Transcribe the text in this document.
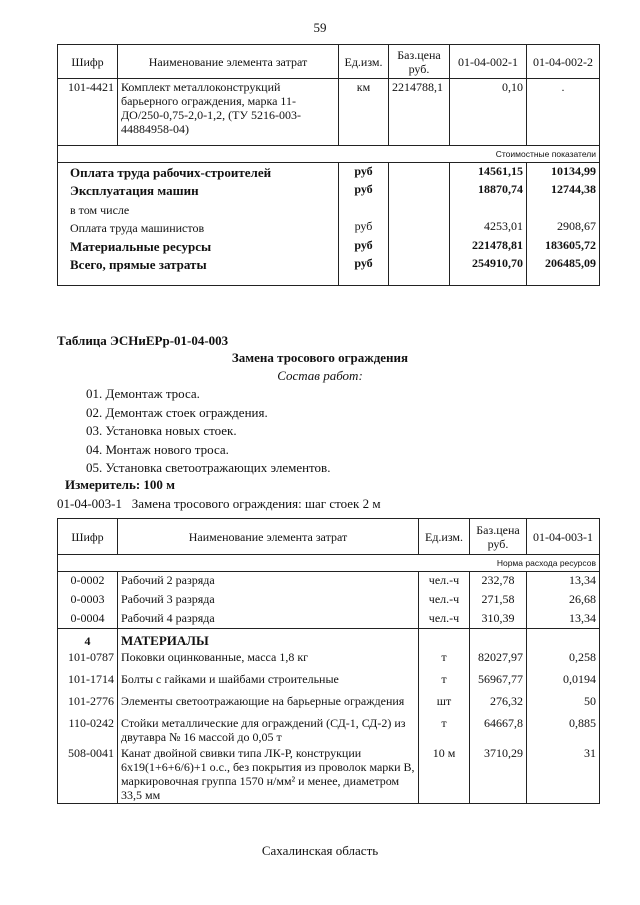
59
Шифр	Наименование элемента затрат	Ед.изм.	Баз.цена руб.	01-04-002-1	01-04-002-2
101-4421	Комплект металлоконструкций барьерного ограждения, марка 11-ДО/250-0,75-2,0-1,2, (ТУ 5216-003-44884958-04)	км	2214788,1	0,10	.
Стоимостные показатели					
Оплата труда рабочих-строителей		руб		14561,15	10134,99
Эксплуатация машин		руб		18870,74	12744,38
в том числе					
Оплата труда машинистов		руб		4253,01	2908,67
Материальные ресурсы		руб		221478,81	183605,72
Всего, прямые затраты		руб		254910,70	206485,09

Таблица ЭСНиЕРр-01-04-003
Замена тросового ограждения
Состав работ:
01. Демонтаж троса.
02. Демонтаж стоек ограждения.
03. Установка новых стоек.
04. Монтаж нового троса.
05. Установка светоотражающих элементов.
Измеритель: 100 м
01-04-003-1   Замена тросового ограждения: шаг стоек 2 м
Шифр	Наименование элемента затрат	Ед.изм.	Баз.цена руб.	01-04-003-1
Норма расхода ресурсов				
0-0002	Рабочий 2 разряда	чел.-ч	232,78	13,34
0-0003	Рабочий 3 разряда	чел.-ч	271,58	26,68
0-0004	Рабочий 4 разряда	чел.-ч	310,39	13,34
4	МАТЕРИАЛЫ			
101-0787	Поковки оцинкованные, масса 1,8 кг	т	82027,97	0,258
101-1714	Болты с гайками и шайбами строительные	т	56967,77	0,0194
101-2776	Элементы светоотражающие на барьерные ограждения	шт	276,32	50
110-0242	Стойки металлические для ограждений (СД-1, СД-2) из двутавра № 16 массой до 0,05 т	т	64667,8	0,885
508-0041	Канат двойной свивки типа ЛК-Р, конструкции 6х19(1+6+6/6)+1 о.с., без покрытия из проволок марки В, маркировочная группа 1570 н/мм² и менее, диаметром 33,5 мм	10 м	3710,29	31
Сахалинская область
